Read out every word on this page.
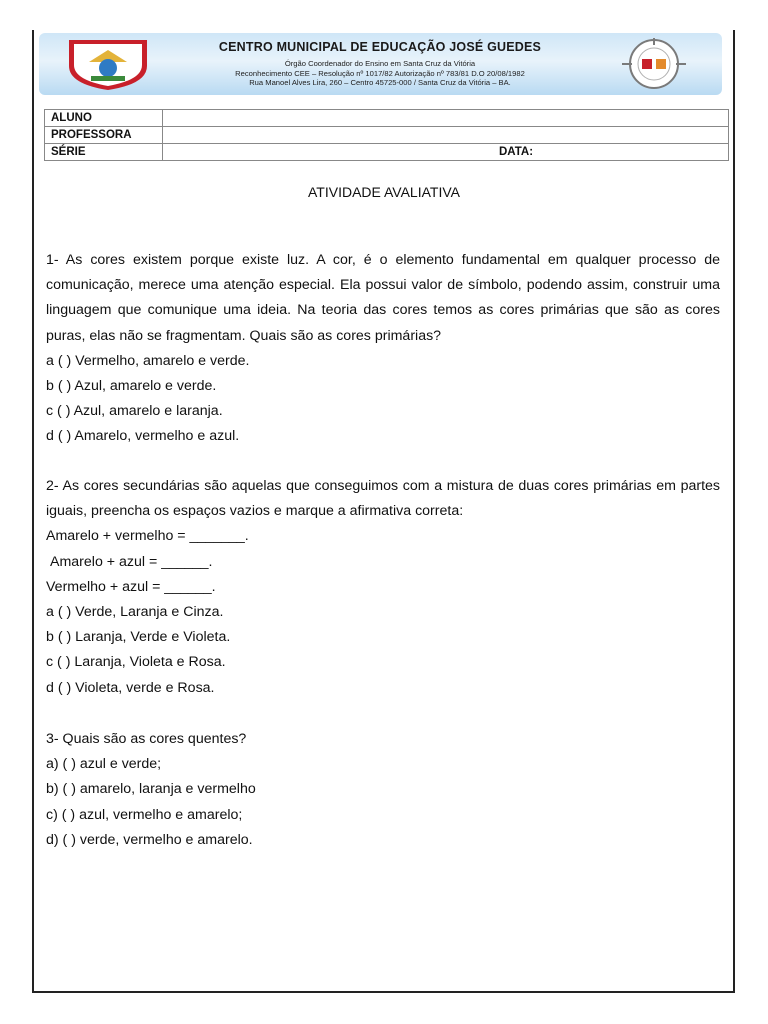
CENTRO MUNICIPAL DE EDUCAÇÃO JOSÉ GUEDES
Órgão Coordenador do Ensino em Santa Cruz da Vitória
Reconhecimento CEE – Resolução nº 1017/82 Autorização nº 783/81 D.O 20/08/1982
Rua Manoel Alves Lira, 260 – Centro 45725-000 / Santa Cruz da Vitória – BA.
ALUNO	
PROFESSORA	
SÉRIE	DATA:
ATIVIDADE AVALIATIVA

1- As cores existem porque existe luz. A cor, é o elemento fundamental em qualquer processo de comunicação, merece uma atenção especial. Ela possui valor de símbolo, podendo assim, construir uma linguagem que comunique uma ideia. Na teoria das cores temos as cores primárias que são as cores puras, elas não se fragmentam. Quais são as cores primárias?

a ( ) Vermelho, amarelo e verde.

b ( ) Azul, amarelo e verde.

c ( ) Azul, amarelo e laranja.

d ( ) Amarelo, vermelho e azul.

2- As cores secundárias são aquelas que conseguimos com a mistura de duas cores primárias em partes iguais, preencha os espaços vazios e marque a afirmativa correta:

Amarelo + vermelho = _______.

Amarelo + azul = ______.

Vermelho + azul = ______.

a ( ) Verde, Laranja e Cinza.

b ( ) Laranja, Verde e Violeta.

c ( ) Laranja, Violeta e Rosa.

d ( ) Violeta, verde e Rosa.

3- Quais são as cores quentes?

a) ( ) azul e verde;

b) ( ) amarelo, laranja e vermelho

c) ( ) azul, vermelho e amarelo;

d) ( ) verde, vermelho e amarelo.
